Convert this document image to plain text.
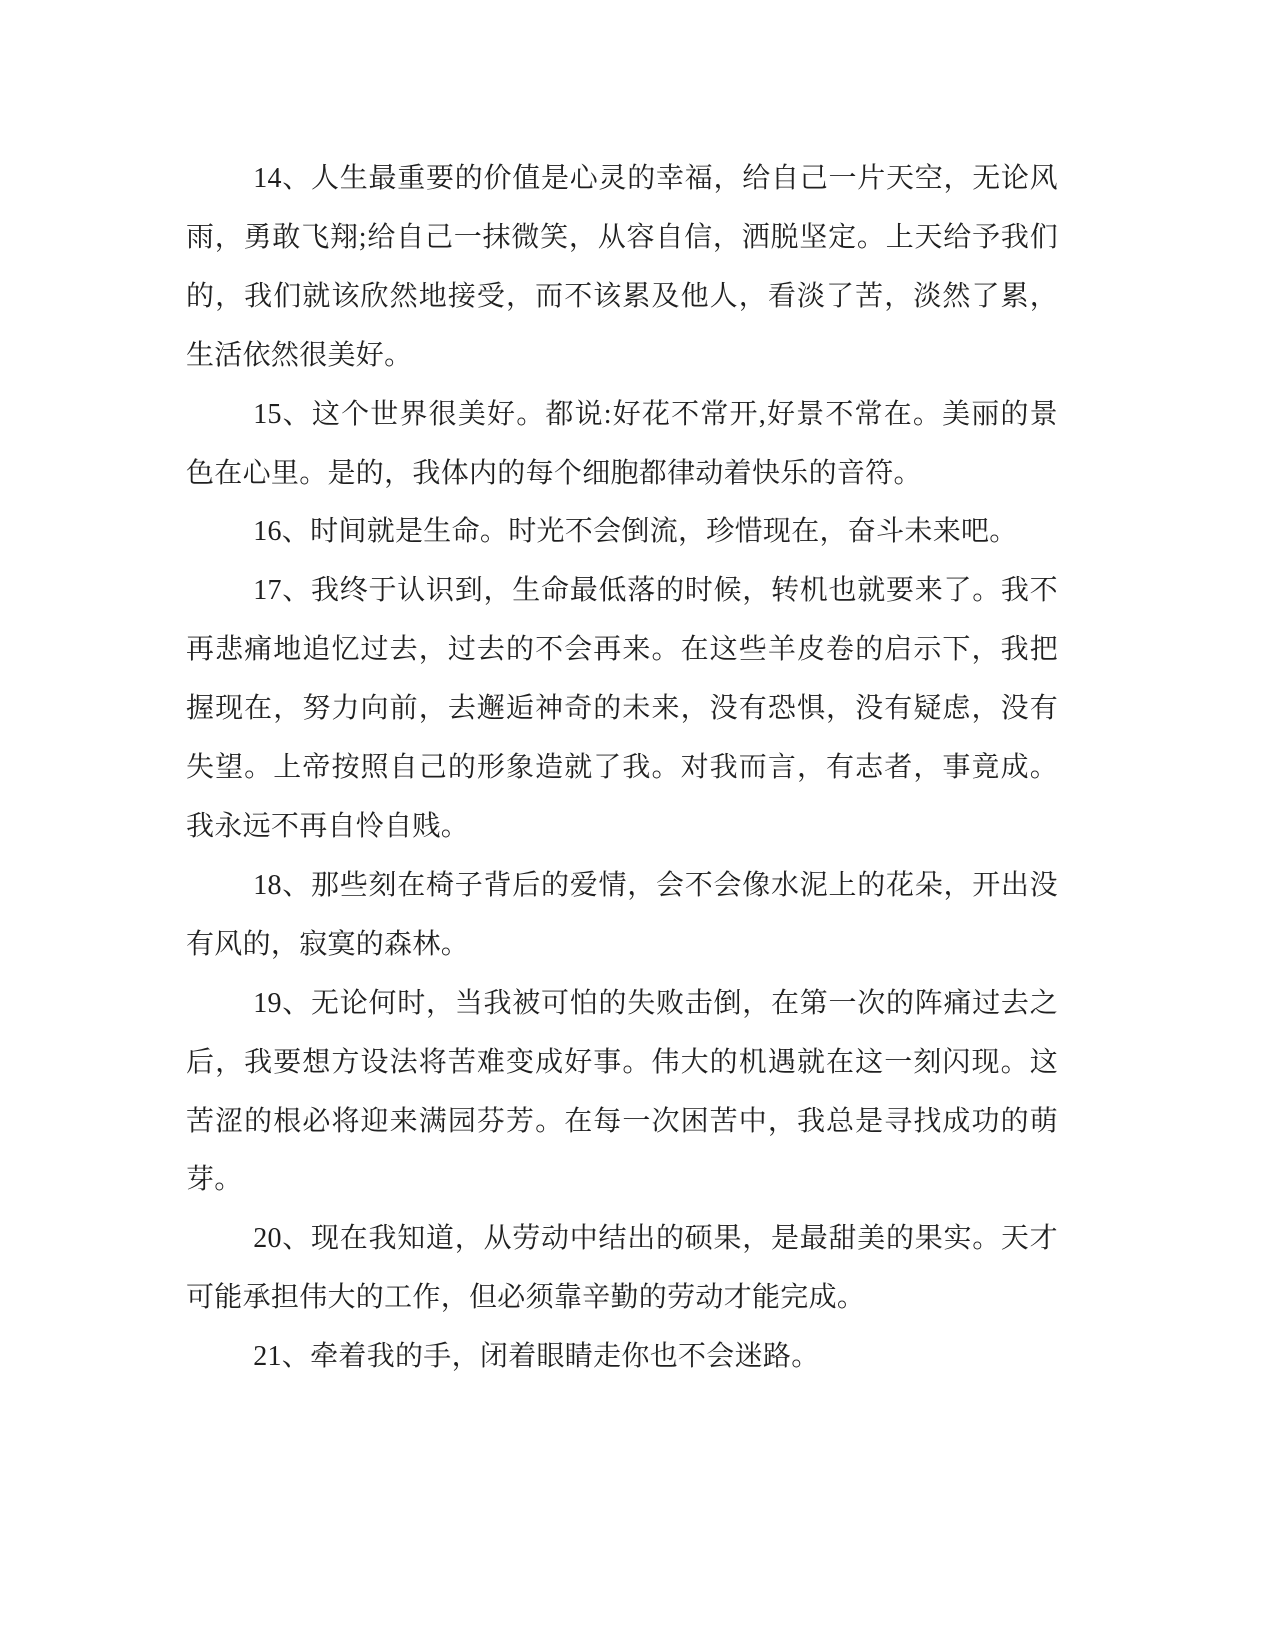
14、人生最重要的价值是心灵的幸福，给自己一片天空，无论风雨，勇敢飞翔;给自己一抹微笑，从容自信，洒脱坚定。上天给予我们的，我们就该欣然地接受，而不该累及他人，看淡了苦，淡然了累，生活依然很美好。

15、这个世界很美好。都说:好花不常开,好景不常在。美丽的景色在心里。是的，我体内的每个细胞都律动着快乐的音符。

16、时间就是生命。时光不会倒流，珍惜现在，奋斗未来吧。

17、我终于认识到，生命最低落的时候，转机也就要来了。我不再悲痛地追忆过去，过去的不会再来。在这些羊皮卷的启示下，我把握现在，努力向前，去邂逅神奇的未来，没有恐惧，没有疑虑，没有失望。上帝按照自己的形象造就了我。对我而言，有志者，事竟成。我永远不再自怜自贱。

18、那些刻在椅子背后的爱情，会不会像水泥上的花朵，开出没有风的，寂寞的森林。

19、无论何时，当我被可怕的失败击倒，在第一次的阵痛过去之后，我要想方设法将苦难变成好事。伟大的机遇就在这一刻闪现。这苦涩的根必将迎来满园芬芳。在每一次困苦中，我总是寻找成功的萌芽。

20、现在我知道，从劳动中结出的硕果，是最甜美的果实。天才可能承担伟大的工作，但必须靠辛勤的劳动才能完成。

21、牵着我的手，闭着眼睛走你也不会迷路。
